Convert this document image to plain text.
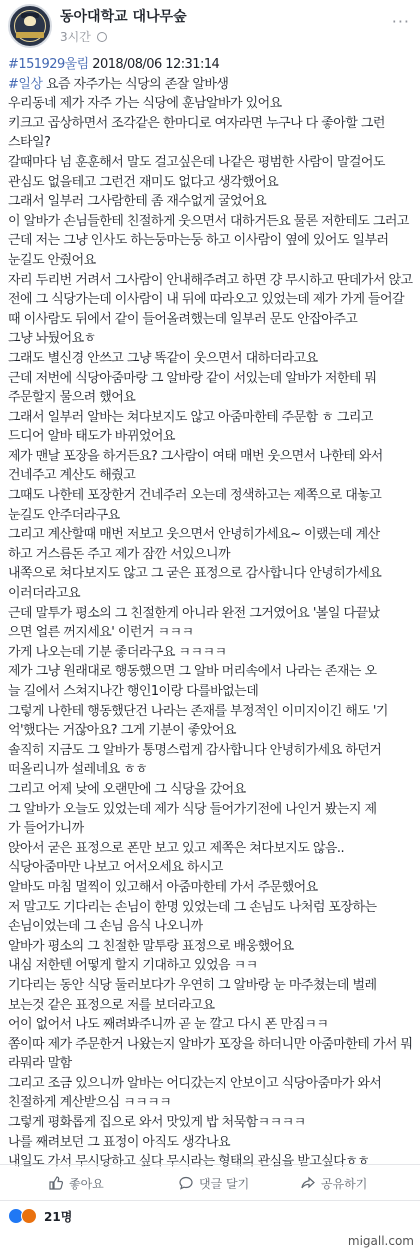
동아대학교 대나무숲
3시간
···
#151929울림 2018/08/06 12:31:14

#일상 요즘 자주가는 식당의 존잘 알바생

우리동네 제가 자주 가는 식당에 훈남알바가 있어요

키크고 곱상하면서 조각같은 한마디로 여자라면 누구나 다 좋아할 그런

스타일?

갈때마다 넘 훈훈해서 말도 걸고싶은데 나같은 평범한 사람이 말걸어도

관심도 없을테고 그런건 재미도 없다고 생각했어요

그래서 일부러 그사람한테 좀 재수없게 굴었어요

이 알바가 손님들한테 친절하게 웃으면서 대하거든요 물론 저한테도 그러고

근데 저는 그냥 인사도 하는둥마는둥 하고 이사람이 옆에 있어도 일부러

눈길도 안줬어요

자리 두리번 거려서 그사람이 안내해주려고 하면 걍 무시하고 딴데가서 앉고

전에 그 식당가는데 이사람이 내 뒤에 따라오고 있었는데 제가 가게 들어갈때 이사람도 뒤에서 같이 들어올려했는데 일부러 문도 안잡아주고

그냥 놔뒀어요ㅎ

그래도 별신경 안쓰고 그냥 똑같이 웃으면서 대하더라고요

근데 저번에 식당아줌마랑 그 알바랑 같이 서있는데 알바가 저한테 뭐

주문할지 물으려 했어요

그래서 일부러 알바는 쳐다보지도 않고 아줌마한테 주문함 ㅎ 그리고

드디어 알바 태도가 바뀌었어요

제가 맨날 포장을 하거든요? 그사람이 여태 매번 웃으면서 나한테 와서

건네주고 계산도 해줬고

그때도 나한테 포장한거 건네주러 오는데 정색하고는 제쪽으로 대놓고

눈길도 안주더라구요

그리고 계산할때 매번 저보고 웃으면서 안녕히가세요~ 이랬는데 계산

하고 거스름돈 주고 제가 잠깐 서있으니까

내쪽으로 쳐다보지도 않고 그 굳은 표정으로 감사합니다 안녕히가세요

이러더라고요

근데 말투가 평소의 그 친절한게 아니라 완전 그거였어요 '볼일 다끝났

으면 얼른 꺼지세요' 이런거 ㅋㅋㅋ

가게 나오는데 기분 좋더라구요 ㅋㅋㅋㅋ

제가 그냥 원래대로 행동했으면 그 알바 머리속에서 나라는 존재는 오

늘 길에서 스쳐지나간 행인1이랑 다를바없는데

그렇게 나한테 행동했단건 나라는 존재를 부정적인 이미지이긴 해도 '기

억'했다는 거잖아요? 그게 기분이 좋았어요

솔직히 지금도 그 알바가 통명스럽게 감사합니다 안녕히가세요 하던거

떠올리니까 설레네요 ㅎㅎ

그리고 어제 낮에 오랜만에 그 식당을 갔어요

그 알바가 오늘도 있었는데 제가 식당 들어가기전에 나인거 봤는지 제

가 들어가니까

앉아서 굳은 표정으로 폰만 보고 있고 제쪽은 쳐다보지도 않음..

식당아줌마만 나보고 어서오세요 하시고

알바도 마침 멀찍이 있고해서 아줌마한테 가서 주문했어요

저 말고도 기다리는 손님이 한명 있었는데 그 손님도 나처럼 포장하는

손님이었는데 그 손님 음식 나오니까

알바가 평소의 그 친절한 말투랑 표정으로 배웅했어요

내심 저한텐 어떻게 할지 기대하고 있었음 ㅋㅋ

기다리는 동안 식당 둘러보다가 우연히 그 알바랑 눈 마주쳤는데 벌레

보는것 같은 표정으로 저를 보더라고요

어이 없어서 나도 째려봐주니까 곧 눈 깔고 다시 폰 만짐ㅋㅋ

쫌이따 제가 주문한거 나왔는지 알바가 포장을 하더니만 아줌마한테 가서 뭐라뭐라 말함

그리고 조금 있으니까 알바는 어디갔는지 안보이고 식당아줌마가 와서

친절하게 계산받으심 ㅋㅋㅋㅋ

그렇게 평화롭게 집으로 와서 맛있게 밥 처묵함ㅋㅋㅋㅋ

나를 째려보던 그 표정이 아직도 생각나요

내일도 가서 무시당하고 싶다 무시라는 형태의 관심을 받고싶다ㅎㅎ

좋아요	댓글 달기	공유하기
21명
migall.com
